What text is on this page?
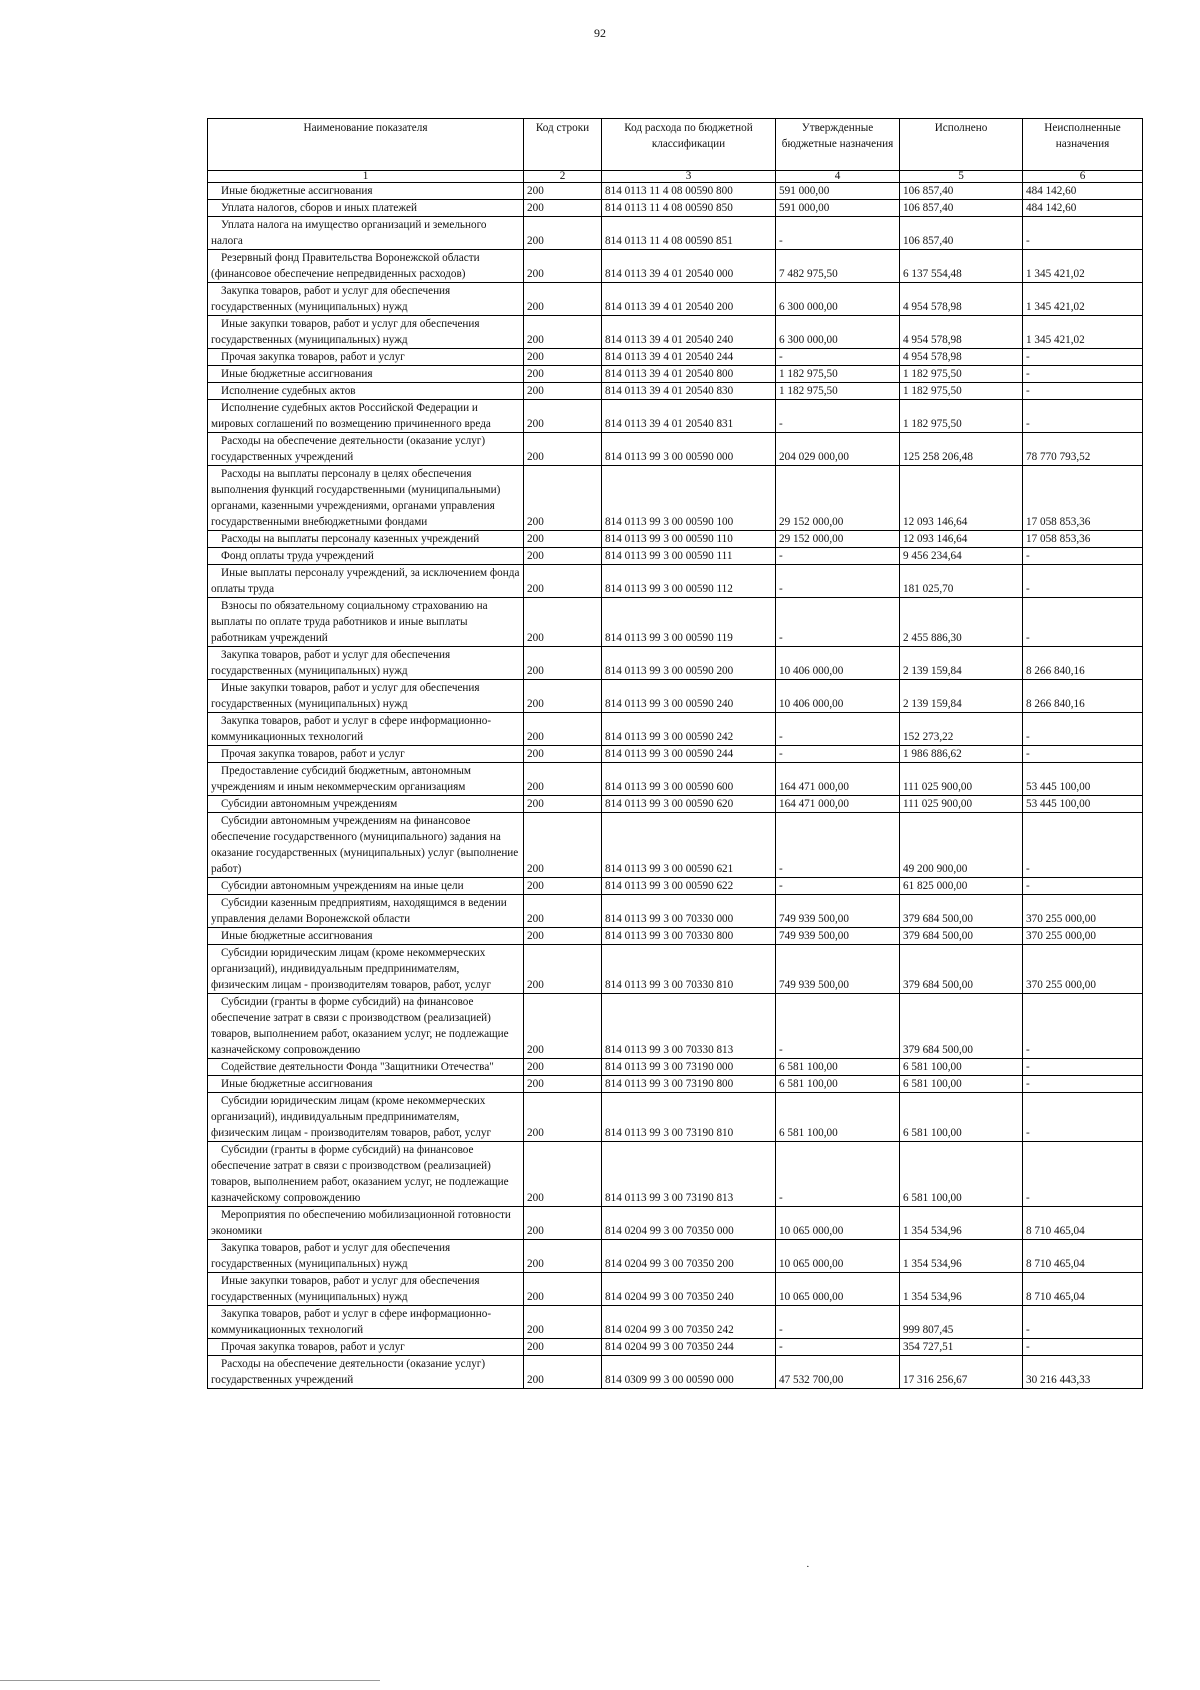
92
Наименование показателя	Код строки	Код расхода по бюджетной классификации	Утвержденные бюджетные назначения	Исполнено	Неисполненные назначения
1	2	3	4	5	6
Иные бюджетные ассигнования	200	814 0113 11 4 08 00590 800	591 000,00	106 857,40	484 142,60
Уплата налогов, сборов и иных платежей	200	814 0113 11 4 08 00590 850	591 000,00	106 857,40	484 142,60
Уплата налога на имущество организаций и земельного налога	200	814 0113 11 4 08 00590 851	-	106 857,40	-
Резервный фонд Правительства Воронежской области (финансовое обеспечение непредвиденных расходов)	200	814 0113 39 4 01 20540 000	7 482 975,50	6 137 554,48	1 345 421,02
Закупка товаров, работ и услуг для обеспечения государственных (муниципальных) нужд	200	814 0113 39 4 01 20540 200	6 300 000,00	4 954 578,98	1 345 421,02
Иные закупки товаров, работ и услуг для обеспечения государственных (муниципальных) нужд	200	814 0113 39 4 01 20540 240	6 300 000,00	4 954 578,98	1 345 421,02
Прочая закупка товаров, работ и услуг	200	814 0113 39 4 01 20540 244	-	4 954 578,98	-
Иные бюджетные ассигнования	200	814 0113 39 4 01 20540 800	1 182 975,50	1 182 975,50	-
Исполнение судебных актов	200	814 0113 39 4 01 20540 830	1 182 975,50	1 182 975,50	-
Исполнение судебных актов Российской Федерации и мировых соглашений по возмещению причиненного вреда	200	814 0113 39 4 01 20540 831	-	1 182 975,50	-
Расходы на обеспечение деятельности (оказание услуг) государственных учреждений	200	814 0113 99 3 00 00590 000	204 029 000,00	125 258 206,48	78 770 793,52
Расходы на выплаты персоналу в целях обеспечения выполнения функций государственными (муниципальными) органами, казенными учреждениями, органами управления государственными внебюджетными фондами	200	814 0113 99 3 00 00590 100	29 152 000,00	12 093 146,64	17 058 853,36
Расходы на выплаты персоналу казенных учреждений	200	814 0113 99 3 00 00590 110	29 152 000,00	12 093 146,64	17 058 853,36
Фонд оплаты труда учреждений	200	814 0113 99 3 00 00590 111	-	9 456 234,64	-
Иные выплаты персоналу учреждений, за исключением фонда оплаты труда	200	814 0113 99 3 00 00590 112	-	181 025,70	-
Взносы по обязательному социальному страхованию на выплаты по оплате труда работников и иные выплаты работникам учреждений	200	814 0113 99 3 00 00590 119	-	2 455 886,30	-
Закупка товаров, работ и услуг для обеспечения государственных (муниципальных) нужд	200	814 0113 99 3 00 00590 200	10 406 000,00	2 139 159,84	8 266 840,16
Иные закупки товаров, работ и услуг для обеспечения государственных (муниципальных) нужд	200	814 0113 99 3 00 00590 240	10 406 000,00	2 139 159,84	8 266 840,16
Закупка товаров, работ и услуг в сфере информационно-коммуникационных технологий	200	814 0113 99 3 00 00590 242	-	152 273,22	-
Прочая закупка товаров, работ и услуг	200	814 0113 99 3 00 00590 244	-	1 986 886,62	-
Предоставление субсидий бюджетным, автономным учреждениям и иным некоммерческим организациям	200	814 0113 99 3 00 00590 600	164 471 000,00	111 025 900,00	53 445 100,00
Субсидии автономным учреждениям	200	814 0113 99 3 00 00590 620	164 471 000,00	111 025 900,00	53 445 100,00
Субсидии автономным учреждениям на финансовое обеспечение государственного (муниципального) задания на оказание государственных (муниципальных) услуг (выполнение работ)	200	814 0113 99 3 00 00590 621	-	49 200 900,00	-
Субсидии автономным учреждениям на иные цели	200	814 0113 99 3 00 00590 622	-	61 825 000,00	-
Субсидии казенным предприятиям, находящимся в ведении управления делами Воронежской области	200	814 0113 99 3 00 70330 000	749 939 500,00	379 684 500,00	370 255 000,00
Иные бюджетные ассигнования	200	814 0113 99 3 00 70330 800	749 939 500,00	379 684 500,00	370 255 000,00
Субсидии юридическим лицам (кроме некоммерческих организаций), индивидуальным предпринимателям, физическим лицам - производителям товаров, работ, услуг	200	814 0113 99 3 00 70330 810	749 939 500,00	379 684 500,00	370 255 000,00
Субсидии (гранты в форме субсидий) на финансовое обеспечение затрат в связи с производством (реализацией) товаров, выполнением работ, оказанием услуг, не подлежащие казначейскому сопровождению	200	814 0113 99 3 00 70330 813	-	379 684 500,00	-
Содействие деятельности Фонда "Защитники Отечества"	200	814 0113 99 3 00 73190 000	6 581 100,00	6 581 100,00	-
Иные бюджетные ассигнования	200	814 0113 99 3 00 73190 800	6 581 100,00	6 581 100,00	-
Субсидии юридическим лицам (кроме некоммерческих организаций), индивидуальным предпринимателям, физическим лицам - производителям товаров, работ, услуг	200	814 0113 99 3 00 73190 810	6 581 100,00	6 581 100,00	-
Субсидии (гранты в форме субсидий) на финансовое обеспечение затрат в связи с производством (реализацией) товаров, выполнением работ, оказанием услуг, не подлежащие казначейскому сопровождению	200	814 0113 99 3 00 73190 813	-	6 581 100,00	-
Мероприятия по обеспечению мобилизационной готовности экономики	200	814 0204 99 3 00 70350 000	10 065 000,00	1 354 534,96	8 710 465,04
Закупка товаров, работ и услуг для обеспечения государственных (муниципальных) нужд	200	814 0204 99 3 00 70350 200	10 065 000,00	1 354 534,96	8 710 465,04
Иные закупки товаров, работ и услуг для обеспечения государственных (муниципальных) нужд	200	814 0204 99 3 00 70350 240	10 065 000,00	1 354 534,96	8 710 465,04
Закупка товаров, работ и услуг в сфере информационно-коммуникационных технологий	200	814 0204 99 3 00 70350 242	-	999 807,45	-
Прочая закупка товаров, работ и услуг	200	814 0204 99 3 00 70350 244	-	354 727,51	-
Расходы на обеспечение деятельности (оказание услуг) государственных учреждений	200	814 0309 99 3 00 00590 000	47 532 700,00	17 316 256,67	30 216 443,33
·
